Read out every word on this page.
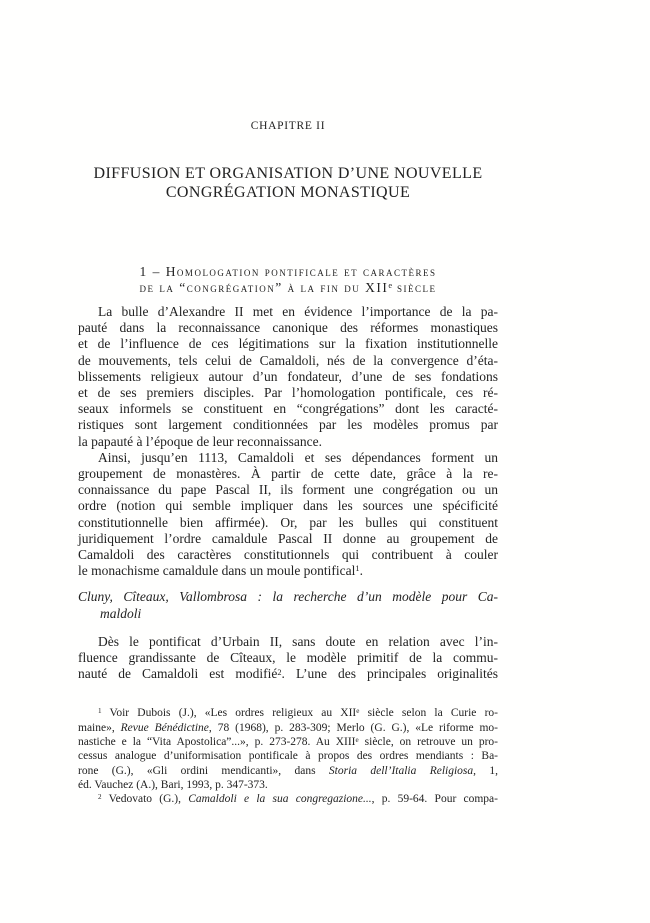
CHAPITRE II
DIFFUSION ET ORGANISATION D’UNE NOUVELLE
CONGRÉGATION MONASTIQUE
1 – Homologation pontificale et caractères
de la “congrégation” à la fin du XIIe siècle
La bulle d’Alexandre II met en évidence l’importance de la pa-
pauté dans la reconnaissance canonique des réformes monastiques
et de l’influence de ces légitimations sur la fixation institutionnelle
de mouvements, tels celui de Camaldoli, nés de la convergence d’éta-
blissements religieux autour d’un fondateur, d’une de ses fondations
et de ses premiers disciples. Par l’homologation pontificale, ces ré-
seaux informels se constituent en “congrégations” dont les caracté-
ristiques sont largement conditionnées par les modèles promus par
la papauté à l’époque de leur reconnaissance.
Ainsi, jusqu’en 1113, Camaldoli et ses dépendances forment un
groupement de monastères. À partir de cette date, grâce à la re-
connaissance du pape Pascal II, ils forment une congrégation ou un
ordre (notion qui semble impliquer dans les sources une spécificité
constitutionnelle bien affirmée). Or, par les bulles qui constituent
juridiquement l’ordre camaldule Pascal II donne au groupement de
Camaldoli des caractères constitutionnels qui contribuent à couler
le monachisme camaldule dans un moule pontifical$^1$.
Cluny, Cîteaux, Vallombrosa : la recherche d’un modèle pour Ca-
maldoli
Dès le pontificat d’Urbain II, sans doute en relation avec l’in-
fluence grandissante de Cîteaux, le modèle primitif de la commu-
nauté de Camaldoli est modifié$^2$. L’une des principales originalités
$^1$ Voir Dubois (J.), «Les ordres religieux au XIIe siècle selon la Curie ro-
maine», Revue Bénédictine, 78 (1968), p. 283-309; Merlo (G. G.), «Le riforme mo-
nastiche e la “Vita Apostolica”...», p. 273-278. Au XIIIe siècle, on retrouve un pro-
cessus analogue d’uniformisation pontificale à propos des ordres mendiants : Ba-
rone (G.), «Gli ordini mendicanti», dans Storia dell’Italia Religiosa, 1,
éd. Vauchez (A.), Bari, 1993, p. 347-373.
$^2$ Vedovato (G.), Camaldoli e la sua congregazione..., p. 59-64. Pour compa-
